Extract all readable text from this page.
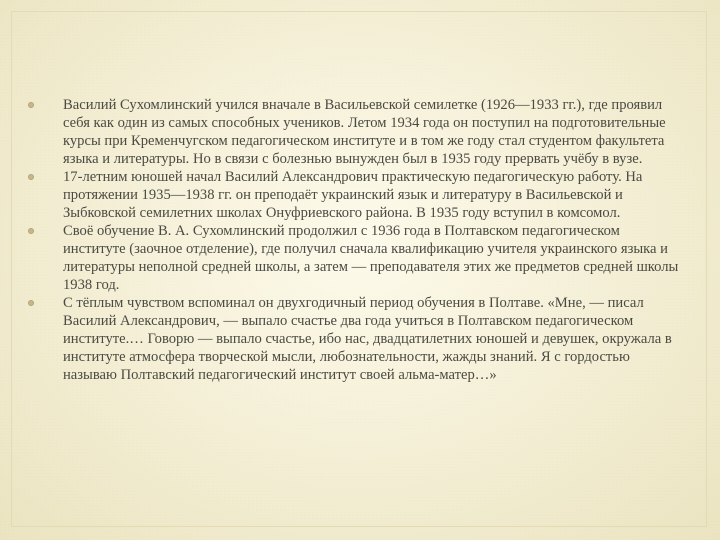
Василий Сухомлинский учился вначале в Васильевской семилетке (1926—1933 гг.), где проявил себя как один из самых способных учеников. Летом 1934 года он поступил на подготовительные курсы при Кременчугском педагогическом институте и в том же году стал студентом факультета языка и литературы. Но в связи с болезнью вынужден был в 1935 году прервать учёбу в вузе.
17-летним юношей начал Василий Александрович практическую педагогическую работу. На протяжении 1935—1938 гг. он преподаёт украинский язык и литературу в Васильевской и Зыбковской семилетних школах Онуфриевского района. В 1935 году вступил в комсомол.
Своё обучение В. А. Сухомлинский продолжил с 1936 года в Полтавском педагогическом институте (заочное отделение), где получил сначала квалификацию учителя украинского языка и литературы неполной средней школы, а затем — преподавателя этих же предметов средней школы 1938 год.
С тёплым чувством вспоминал он двухгодичный период обучения в Полтаве. «Мне, — писал Василий Александрович, — выпало счастье два года учиться в Полтавском педагогическом институте.… Говорю — выпало счастье, ибо нас, двадцатилетних юношей и девушек, окружала в институте атмосфера творческой мысли, любознательности, жажды знаний. Я с гордостью называю Полтавский педагогический институт своей альма-матер…»
